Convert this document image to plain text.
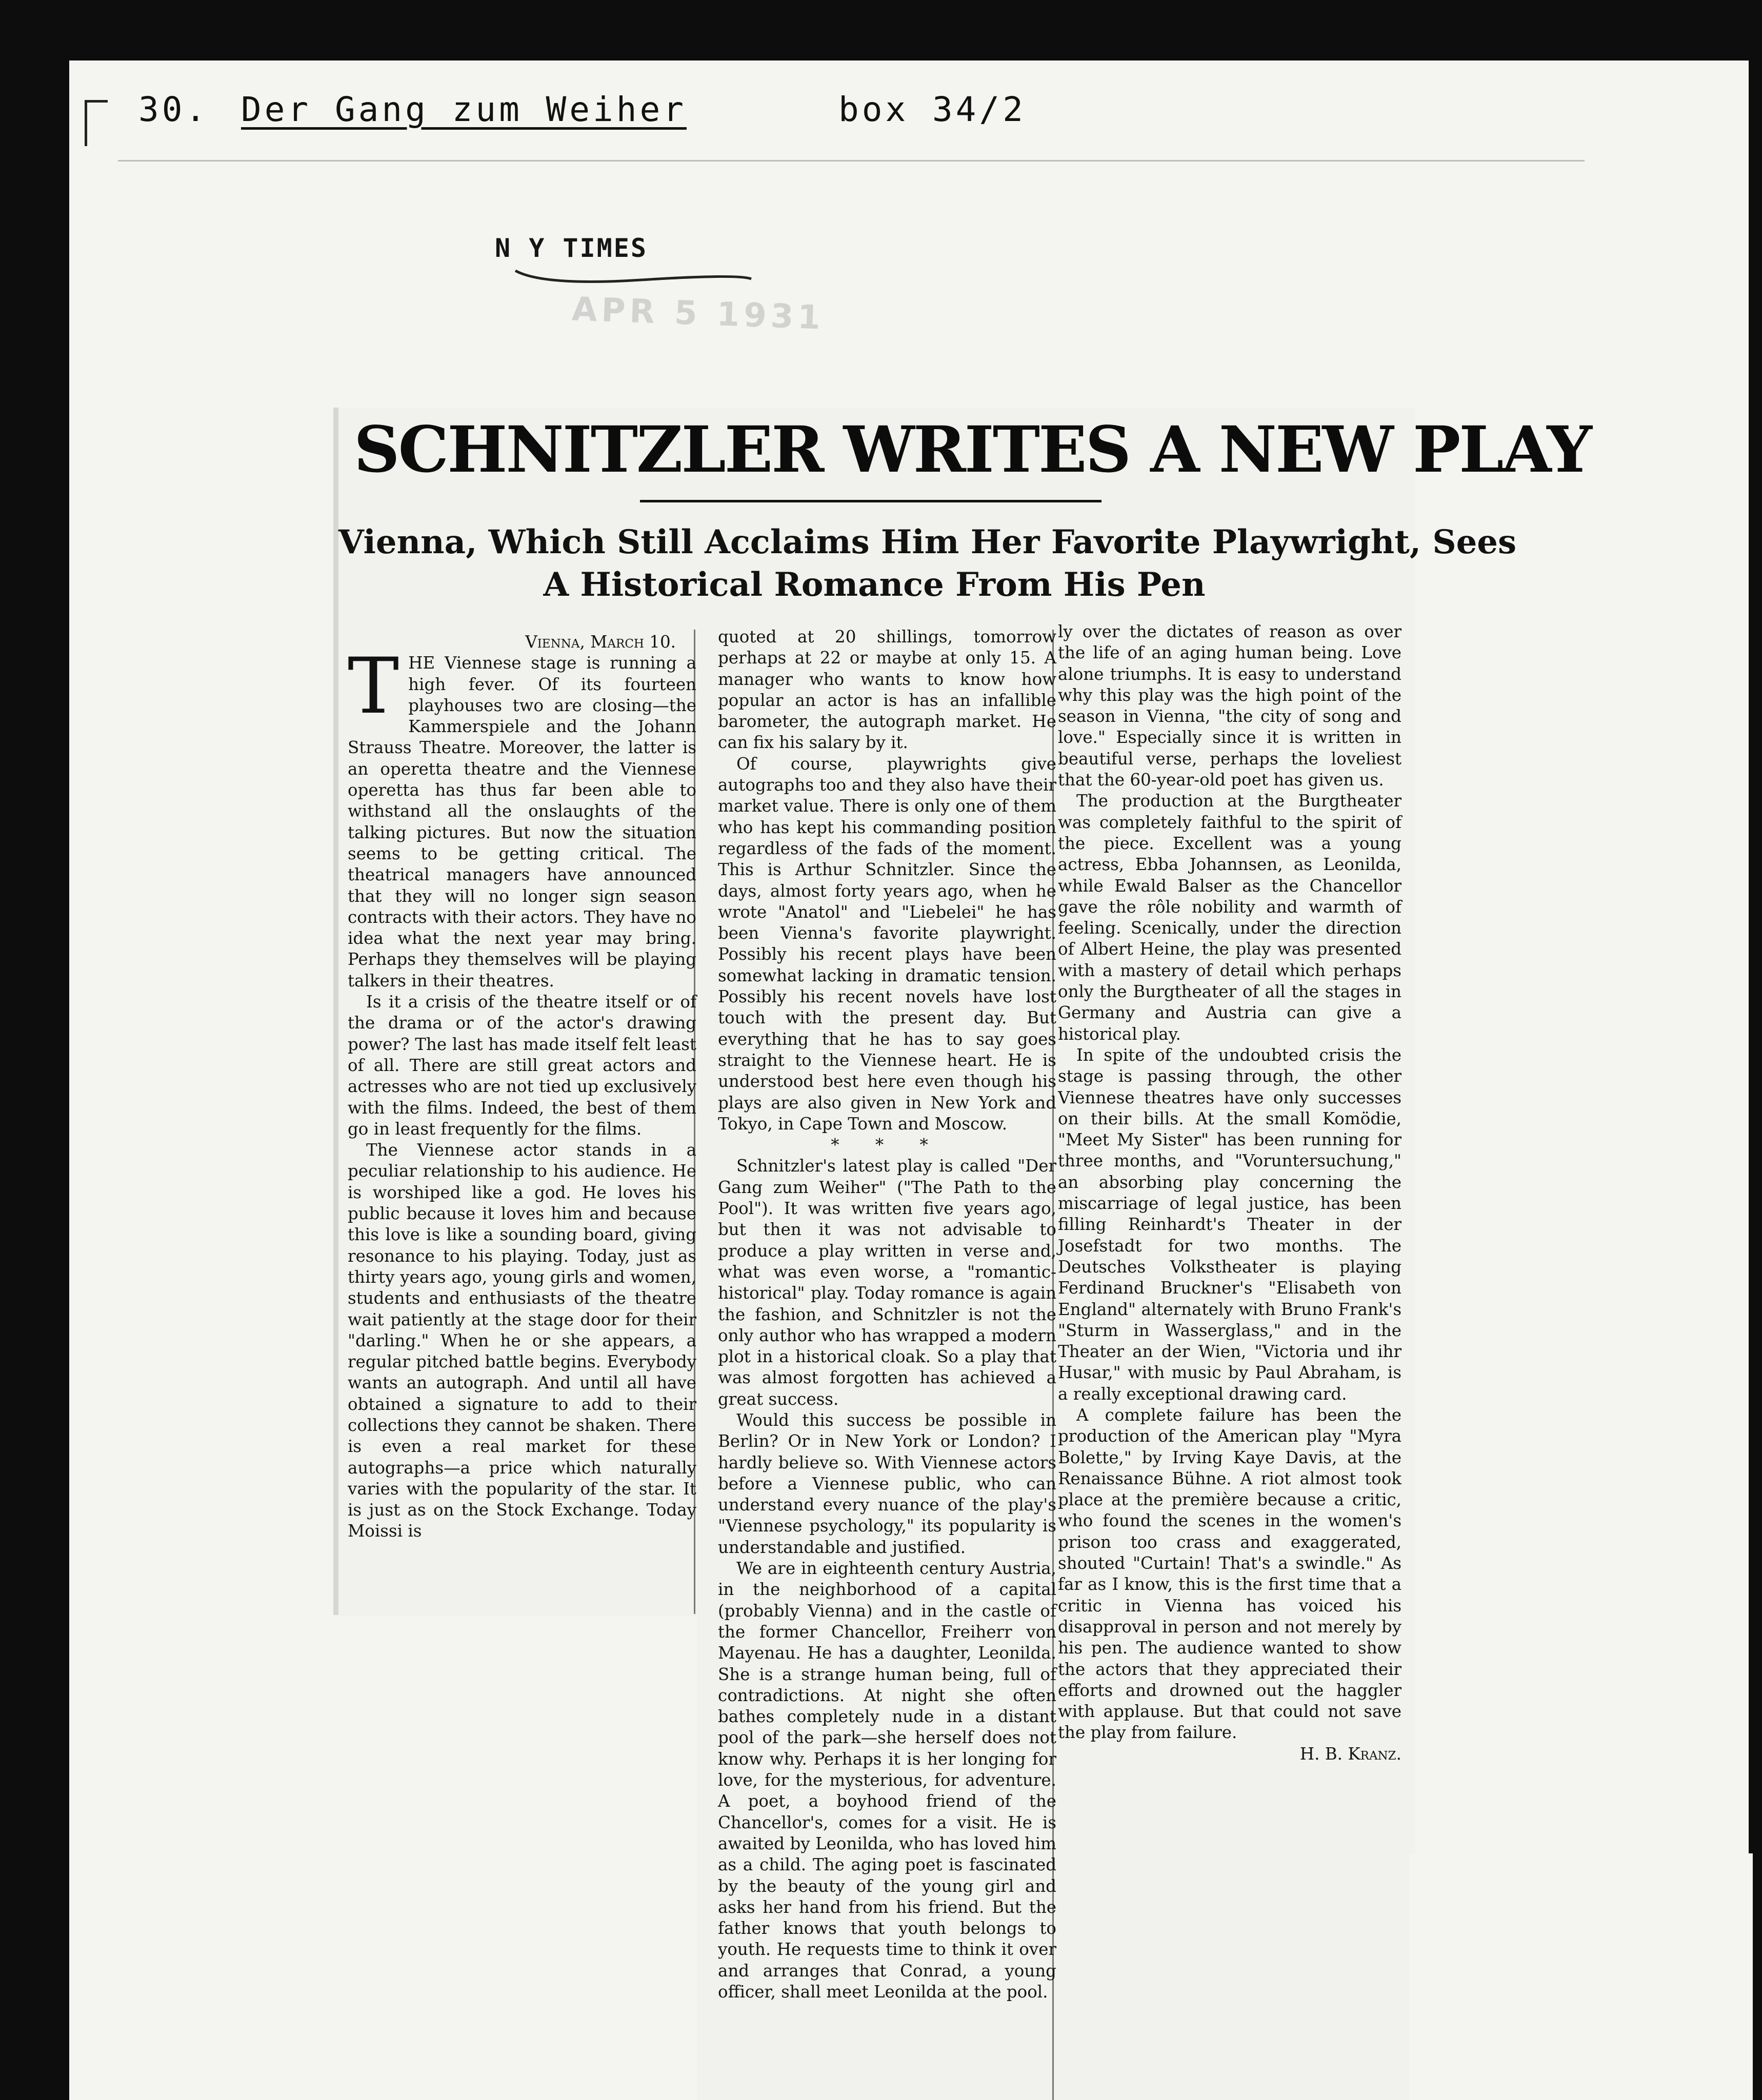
30. Der Gang zum Weiher	box 34/2
N Y TIMES
APR 5 1931
SCHNITZLER WRITES A NEW PLAY
Vienna, Which Still Acclaims Him Her Favorite Playwright, Sees
A Historical Romance From His Pen

Vienna, March 10.

THE Viennese stage is running a high fever. Of its fourteen playhouses two are closing—the Kammerspiele and the Johann Strauss Theatre. Moreover, the latter is an operetta theatre and the Viennese operetta has thus far been able to withstand all the onslaughts of the talking pictures. But now the situation seems to be getting critical. The theatrical managers have announced that they will no longer sign season contracts with their actors. They have no idea what the next year may bring. Perhaps they themselves will be playing talkers in their theatres.

Is it a crisis of the theatre itself or of the drama or of the actor's drawing power? The last has made itself felt least of all. There are still great actors and actresses who are not tied up exclusively with the films. Indeed, the best of them go in least frequently for the films.

The Viennese actor stands in a peculiar relationship to his audience. He is worshiped like a god. He loves his public because it loves him and because this love is like a sounding board, giving resonance to his playing. Today, just as thirty years ago, young girls and women, students and enthusiasts of the theatre wait patiently at the stage door for their "darling." When he or she appears, a regular pitched battle begins. Everybody wants an autograph. And until all have obtained a signature to add to their collections they cannot be shaken. There is even a real market for these autographs—a price which naturally varies with the popularity of the star. It is just as on the Stock Exchange. Today Moissi is

quoted at 20 shillings, tomorrow perhaps at 22 or maybe at only 15. A manager who wants to know how popular an actor is has an infallible barometer, the autograph market. He can fix his salary by it.

Of course, playwrights give autographs too and they also have their market value. There is only one of them who has kept his commanding position regardless of the fads of the moment. This is Arthur Schnitzler. Since the days, almost forty years ago, when he wrote "Anatol" and "Liebelei" he has been Vienna's favorite playwright. Possibly his recent plays have been somewhat lacking in dramatic tension. Possibly his recent novels have lost touch with the present day. But everything that he has to say goes straight to the Viennese heart. He is understood best here even though his plays are also given in New York and Tokyo, in Cape Town and Moscow.

* * *

Schnitzler's latest play is called "Der Gang zum Weiher" ("The Path to the Pool"). It was written five years ago, but then it was not advisable to produce a play written in verse and, what was even worse, a "romantic-historical" play. Today romance is again the fashion, and Schnitzler is not the only author who has wrapped a modern plot in a historical cloak. So a play that was almost forgotten has achieved a great success.

Would this success be possible in Berlin? Or in New York or London? I hardly believe so. With Viennese actors before a Viennese public, who can understand every nuance of the play's "Viennese psychology," its popularity is understandable and justified.

We are in eighteenth century Austria, in the neighborhood of a capital (probably Vienna) and in the castle of the former Chancellor, Freiherr von Mayenau. He has a daughter, Leonilda. She is a strange human being, full of contradictions. At night she often bathes completely nude in a distant pool of the park—she herself does not know why. Perhaps it is her longing for love, for the mysterious, for adventure. A poet, a boyhood friend of the Chancellor's, comes for a visit. He is awaited by Leonilda, who has loved him as a child. The aging poet is fascinated by the beauty of the young girl and asks her hand from his friend. But the father knows that youth belongs to youth. He requests time to think it over and arranges that Conrad, a young officer, shall meet Leonilda at the pool.

ly over the dictates of reason as over the life of an aging human being. Love alone triumphs. It is easy to understand why this play was the high point of the season in Vienna, "the city of song and love." Especially since it is written in beautiful verse, perhaps the loveliest that the 60-year-old poet has given us.

The production at the Burgtheater was completely faithful to the spirit of the piece. Excellent was a young actress, Ebba Johannsen, as Leonilda, while Ewald Balser as the Chancellor gave the rôle nobility and warmth of feeling. Scenically, under the direction of Albert Heine, the play was presented with a mastery of detail which perhaps only the Burgtheater of all the stages in Germany and Austria can give a historical play.

In spite of the undoubted crisis the stage is passing through, the other Viennese theatres have only successes on their bills. At the small Komödie, "Meet My Sister" has been running for three months, and "Voruntersuchung," an absorbing play concerning the miscarriage of legal justice, has been filling Reinhardt's Theater in der Josefstadt for two months. The Deutsches Volkstheater is playing Ferdinand Bruckner's "Elisabeth von England" alternately with Bruno Frank's "Sturm in Wasserglass," and in the Theater an der Wien, "Victoria und ihr Husar," with music by Paul Abraham, is a really exceptional drawing card.

A complete failure has been the production of the American play "Myra Bolette," by Irving Kaye Davis, at the Renaissance Bühne. A riot almost took place at the première because a critic, who found the scenes in the women's prison too crass and exaggerated, shouted "Curtain! That's a swindle." As far as I know, this is the first time that a critic in Vienna has voiced his disapproval in person and not merely by his pen. The audience wanted to show the actors that they appreciated their efforts and drowned out the haggler with applause. But that could not save the play from failure.

H. B. Kranz.
